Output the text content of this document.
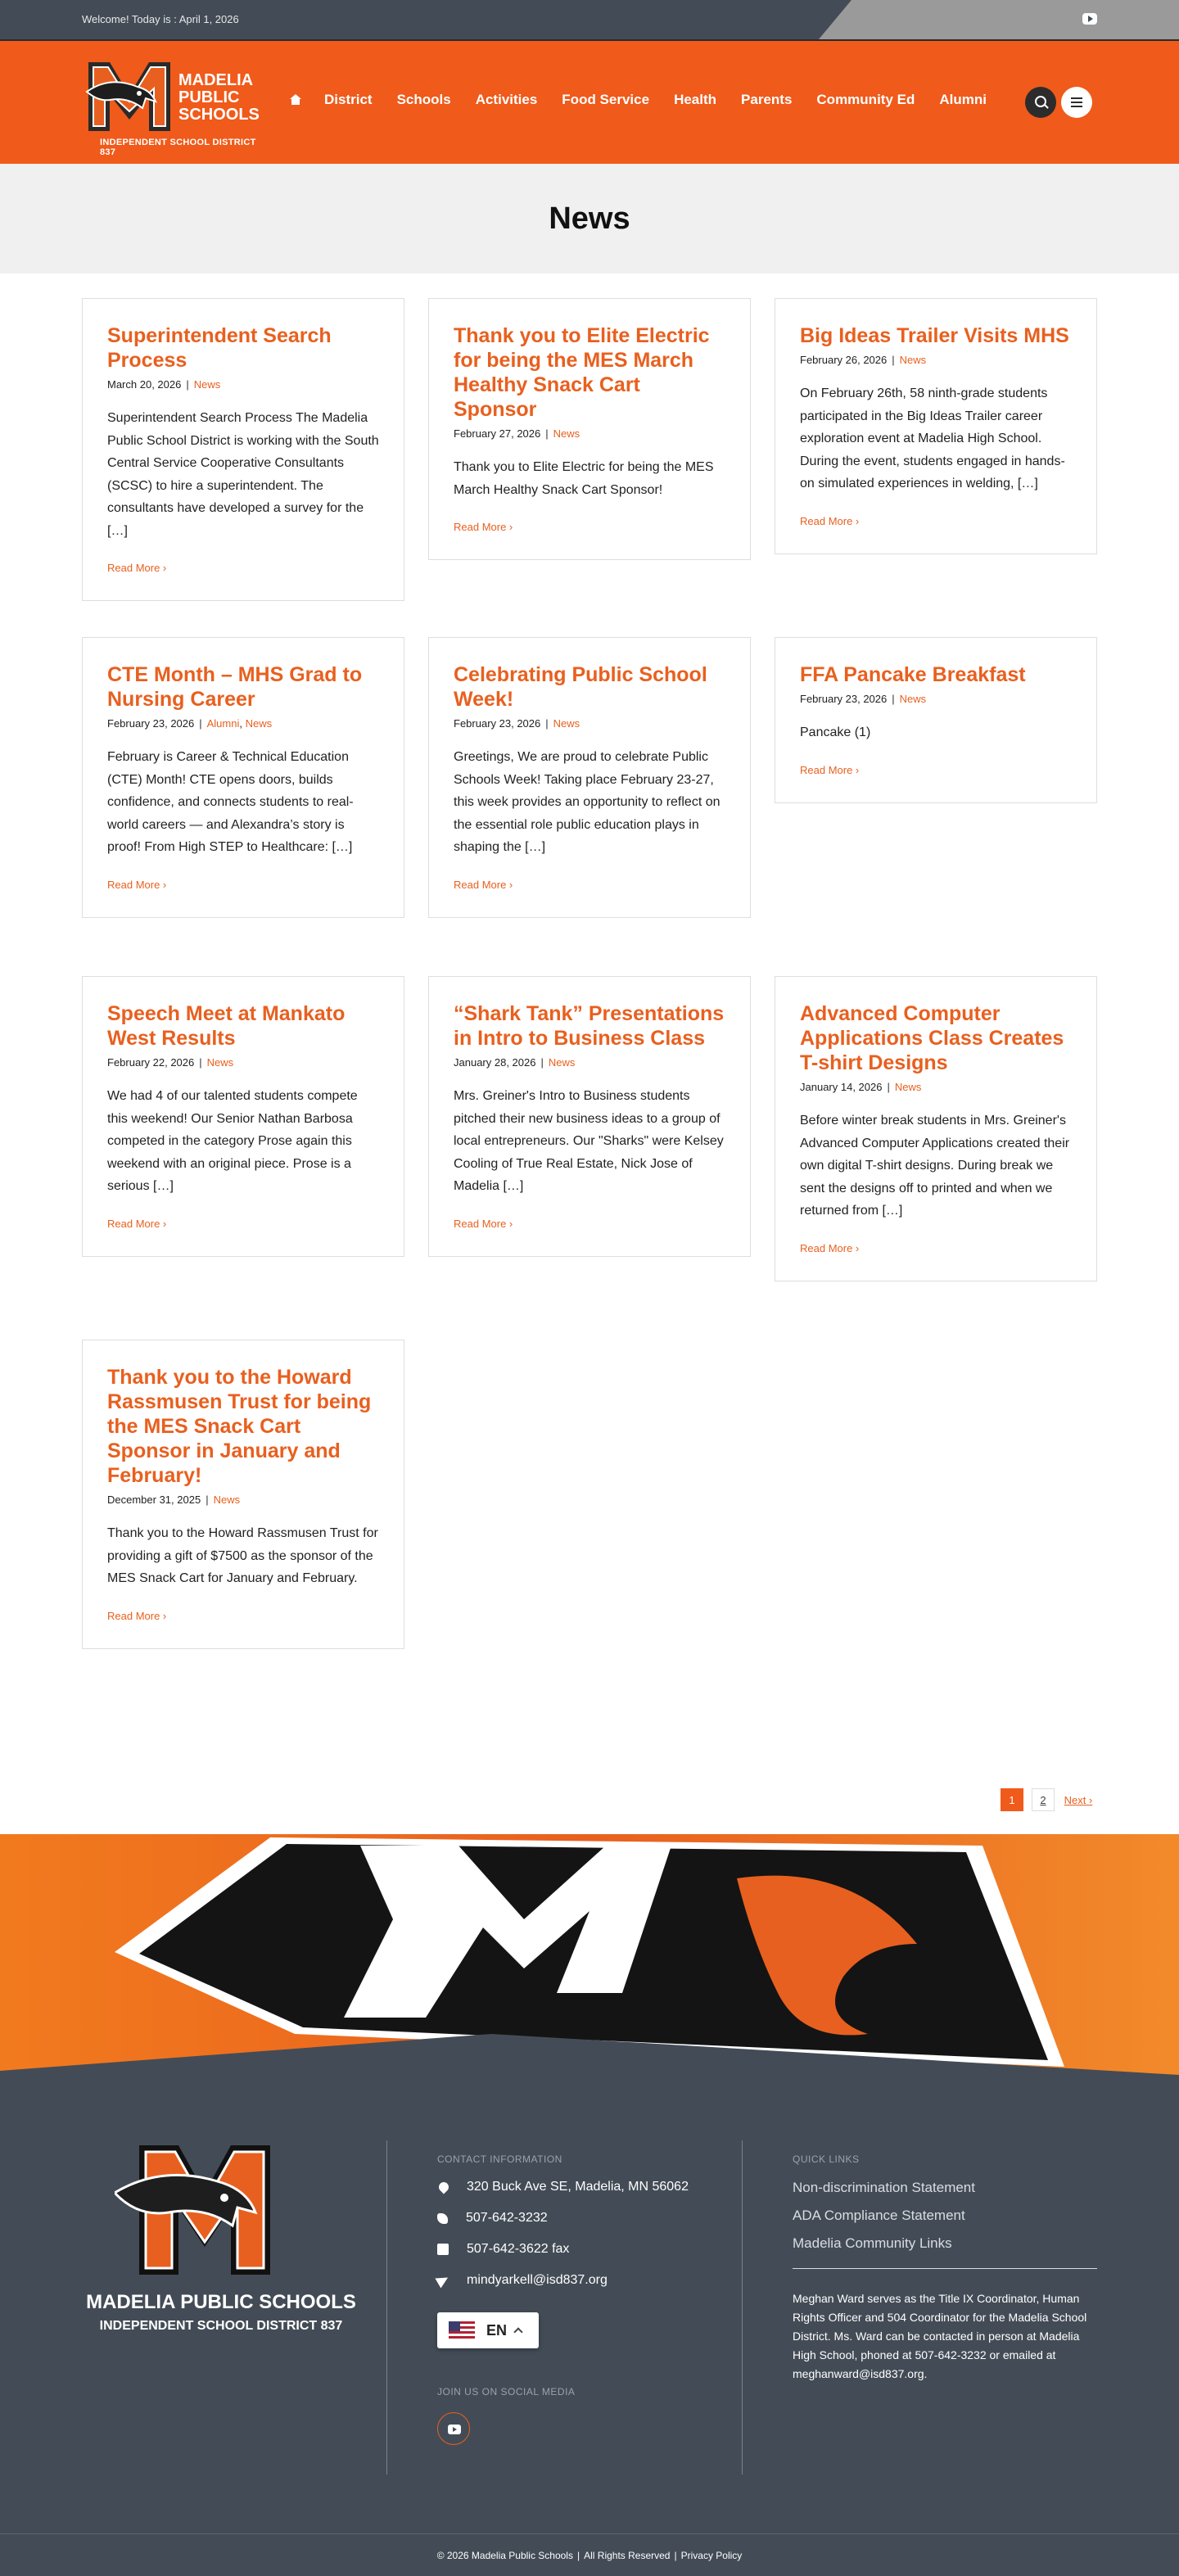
Welcome! Today is : April 1, 2026
MADELIA
PUBLIC
SCHOOLS
INDEPENDENT SCHOOL DISTRICT 837
District Schools Activities Food Service Health Parents Community Ed Alumni
News
Superintendent Search Process
March 20, 2026 | News

Superintendent Search Process The Madelia Public School District is working with the South Central Service Cooperative Consultants (SCSC) to hire a superintendent. The consultants have developed a survey for the […]

Read More ›
Thank you to Elite Electric for being the MES March Healthy Snack Cart Sponsor
February 27, 2026 | News

Thank you to Elite Electric for being the MES March Healthy Snack Cart Sponsor!

Read More ›
Big Ideas Trailer Visits MHS
February 26, 2026 | News

On February 26th, 58 ninth-grade students participated in the Big Ideas Trailer career exploration event at Madelia High School. During the event, students engaged in hands-on simulated experiences in welding, […]

Read More ›
CTE Month – MHS Grad to Nursing Career
February 23, 2026 | Alumni, News

February is Career & Technical Education (CTE) Month! CTE opens doors, builds confidence, and connects students to real-world careers — and Alexandra’s story is proof! From High STEP to Healthcare: […]

Read More ›
Celebrating Public School Week!
February 23, 2026 | News

Greetings, We are proud to celebrate Public Schools Week! Taking place February 23-27, this week provides an opportunity to reflect on the essential role public education plays in shaping the […]

Read More ›
FFA Pancake Breakfast
February 23, 2026 | News

Pancake (1)

Read More ›
Speech Meet at Mankato West Results
February 22, 2026 | News

We had 4 of our talented students compete this weekend! Our Senior Nathan Barbosa competed in the category Prose again this weekend with an original piece. Prose is a serious […]

Read More ›
“Shark Tank” Presentations in Intro to Business Class
January 28, 2026 | News

Mrs. Greiner's Intro to Business students pitched their new business ideas to a group of local entrepreneurs. Our "Sharks" were Kelsey Cooling of True Real Estate, Nick Jose of Madelia […]

Read More ›
Advanced Computer Applications Class Creates T-shirt Designs
January 14, 2026 | News

Before winter break students in Mrs. Greiner's Advanced Computer Applications created their own digital T-shirt designs. During break we sent the designs off to printed and when we returned from […]

Read More ›
Thank you to the Howard Rassmusen Trust for being the MES Snack Cart Sponsor in January and February!
December 31, 2025 | News

Thank you to the Howard Rassmusen Trust for providing a gift of $7500 as the sponsor of the MES Snack Cart for January and February.

Read More ›
1	2	Next ›
MADELIA PUBLIC SCHOOLS
INDEPENDENT SCHOOL DISTRICT 837
CONTACT INFORMATION
320 Buck Ave SE, Madelia, MN 56062
507-642-3232
507-642-3622 fax
mindyarkell@isd837.org
EN
JOIN US ON SOCIAL MEDIA
QUICK LINKS
Non-discrimination Statement
ADA Compliance Statement
Madelia Community Links

Meghan Ward serves as the Title IX Coordinator, Human Rights Officer and 504 Coordinator for the Madelia School District. Ms. Ward can be contacted in person at Madelia High School, phoned at 507-642-3232 or emailed at meghanward@isd837.org.

© 2026 Madelia Public Schools | All Rights Reserved | Privacy Policy
